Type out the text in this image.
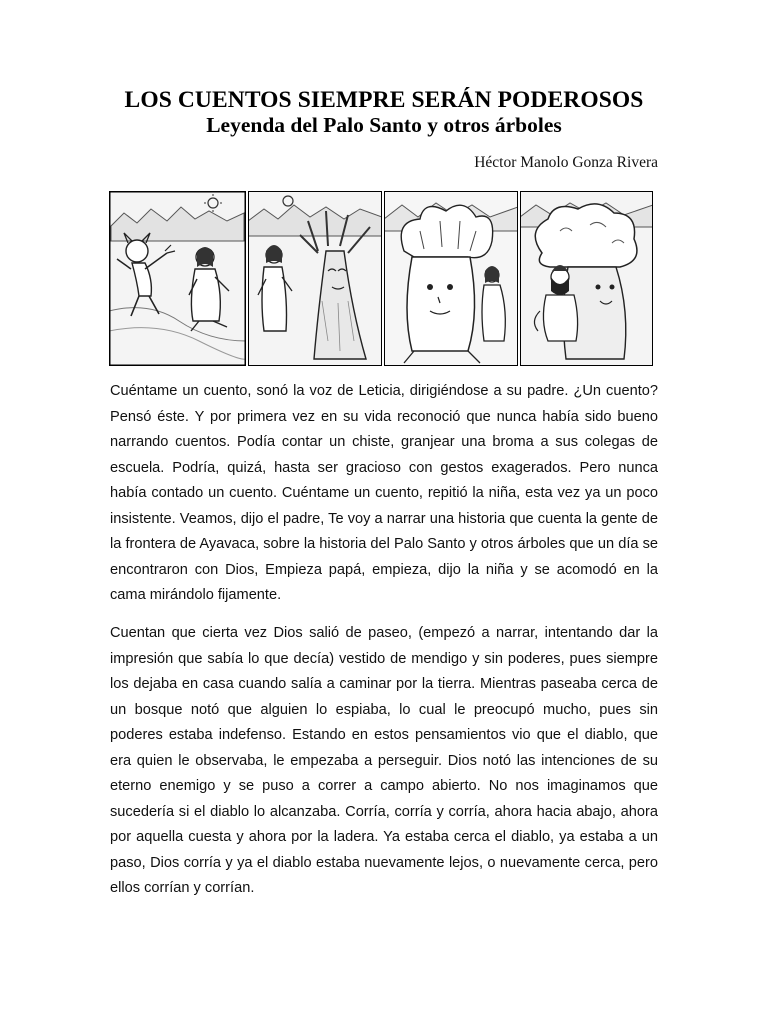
LOS CUENTOS SIEMPRE SERÁN PODEROSOS
Leyenda del Palo Santo y otros árboles
Héctor Manolo Gonza Rivera

Cuéntame un cuento, sonó la voz de Leticia, dirigiéndose a su padre. ¿Un cuento? Pensó éste. Y por primera vez en su vida reconoció que nunca había sido bueno narrando cuentos. Podía contar un chiste, granjear una broma a sus colegas de escuela. Podría, quizá, hasta ser gracioso con gestos exagerados. Pero nunca había contado un cuento. Cuéntame un cuento, repitió la niña, esta vez ya un poco insistente. Veamos, dijo el padre, Te voy a narrar una historia que cuenta la gente de la frontera de Ayavaca, sobre la historia del Palo Santo y otros árboles que un día se encontraron con Dios, Empieza papá, empieza, dijo la niña y se acomodó en la cama mirándolo fijamente.

Cuentan que cierta vez Dios salió de paseo, (empezó a narrar, intentando dar la impresión que sabía lo que decía) vestido de mendigo y sin poderes, pues siempre los dejaba en casa cuando salía a caminar por la tierra. Mientras paseaba cerca de un bosque notó que alguien lo espiaba, lo cual le preocupó mucho, pues sin poderes estaba indefenso. Estando en estos pensamientos vio que el diablo, que era quien le observaba, le empezaba a perseguir. Dios notó las intenciones de su eterno enemigo y se puso a correr a campo abierto. No nos imaginamos que sucedería si el diablo lo alcanzaba. Corría, corría y corría, ahora hacia abajo, ahora por aquella cuesta y ahora por la ladera. Ya estaba cerca el diablo, ya estaba a un paso, Dios corría y ya el diablo estaba nuevamente lejos, o nuevamente cerca, pero ellos corrían y corrían.
